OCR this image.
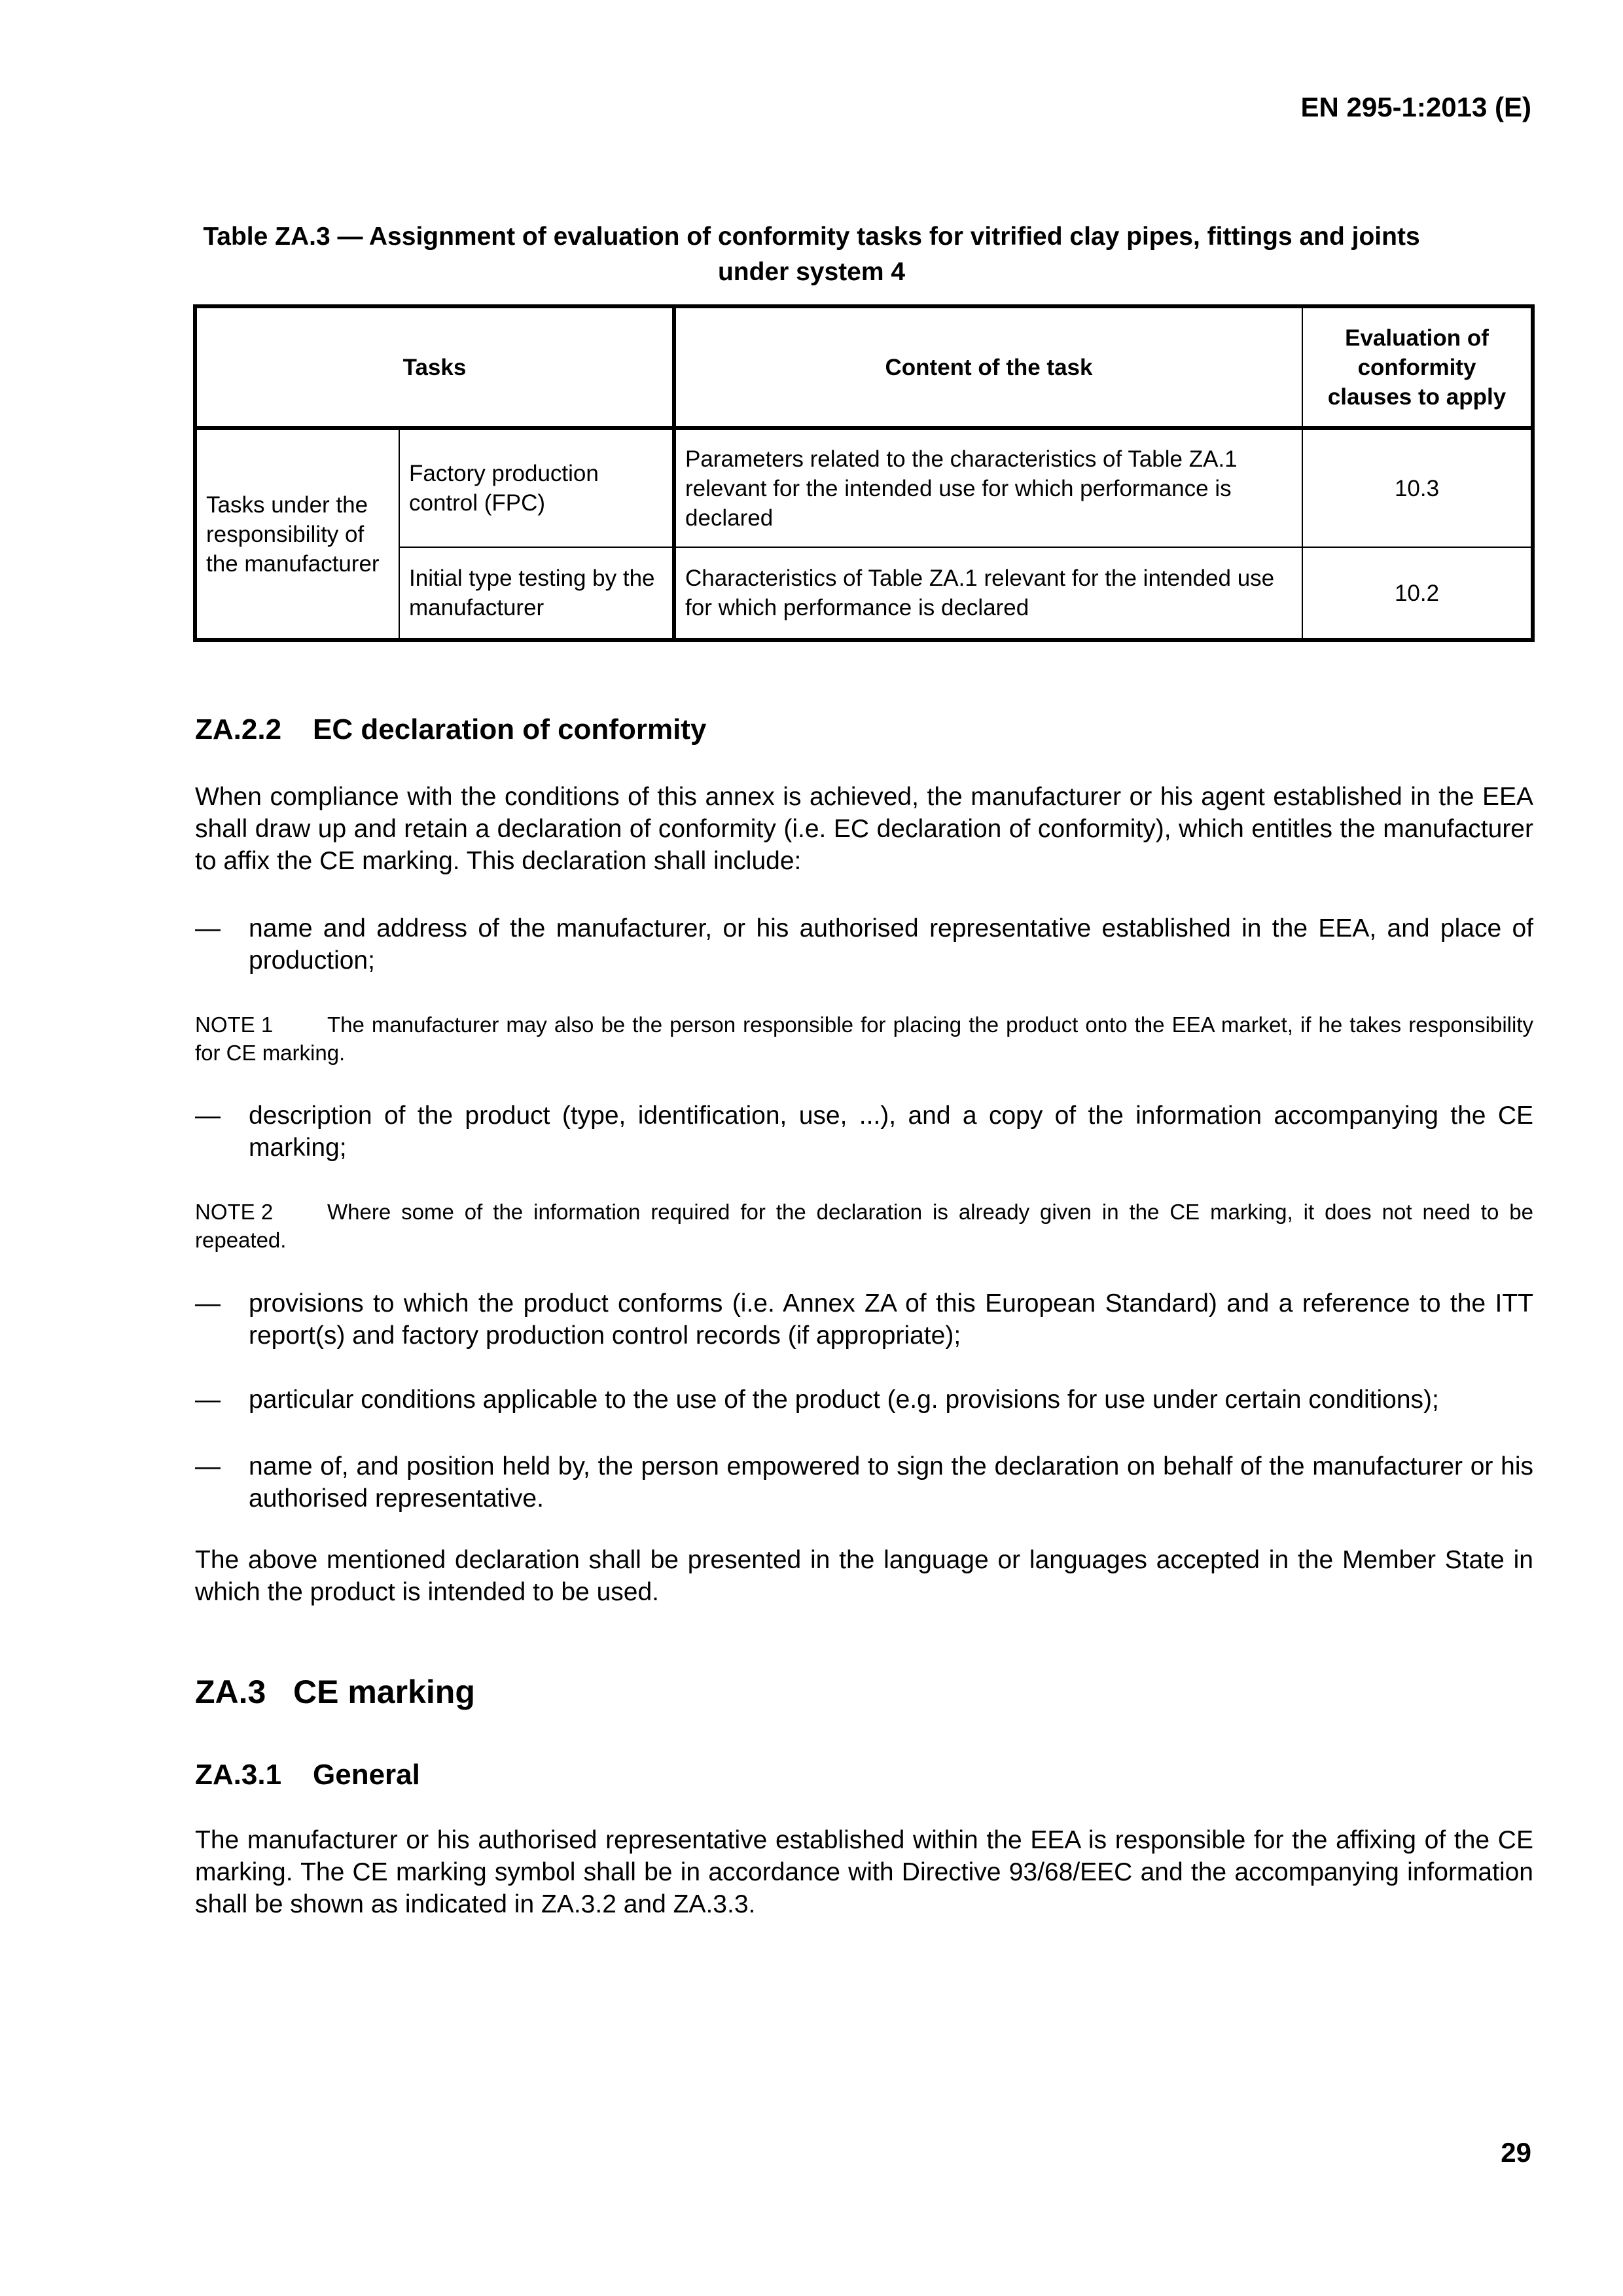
EN 295-1:2013 (E)
Table ZA.3 — Assignment of evaluation of conformity tasks for vitrified clay pipes, fittings and joints under system 4
Tasks		Content of the task	Evaluation of conformity clauses to apply
Tasks under the responsibility of the manufacturer	Factory production control (FPC)	Parameters related to the characteristics of Table ZA.1 relevant for the intended use for which performance is declared	10.3
	Initial type testing by the manufacturer	Characteristics of Table ZA.1 relevant for the intended use for which performance is declared	10.2
ZA.2.2 EC declaration of conformity
When compliance with the conditions of this annex is achieved, the manufacturer or his agent established in the EEA shall draw up and retain a declaration of conformity (i.e. EC declaration of conformity), which entitles the manufacturer to affix the CE marking. This declaration shall include:
—	name and address of the manufacturer, or his authorised representative established in the EEA, and place of production;
NOTE 1	The manufacturer may also be the person responsible for placing the product onto the EEA market, if he takes responsibility for CE marking.
—	description of the product (type, identification, use, ...), and a copy of the information accompanying the CE marking;
NOTE 2	Where some of the information required for the declaration is already given in the CE marking, it does not need to be repeated.
—	provisions to which the product conforms (i.e. Annex ZA of this European Standard) and a reference to the ITT report(s) and factory production control records (if appropriate);
—	particular conditions applicable to the use of the product (e.g. provisions for use under certain conditions);
—	name of, and position held by, the person empowered to sign the declaration on behalf of the manufacturer or his authorised representative.
The above mentioned declaration shall be presented in the language or languages accepted in the Member State in which the product is intended to be used.
ZA.3 CE marking
ZA.3.1 General
The manufacturer or his authorised representative established within the EEA is responsible for the affixing of the CE marking. The CE marking symbol shall be in accordance with Directive 93/68/EEC and the accompanying information shall be shown as indicated in ZA.3.2 and ZA.3.3.
29
